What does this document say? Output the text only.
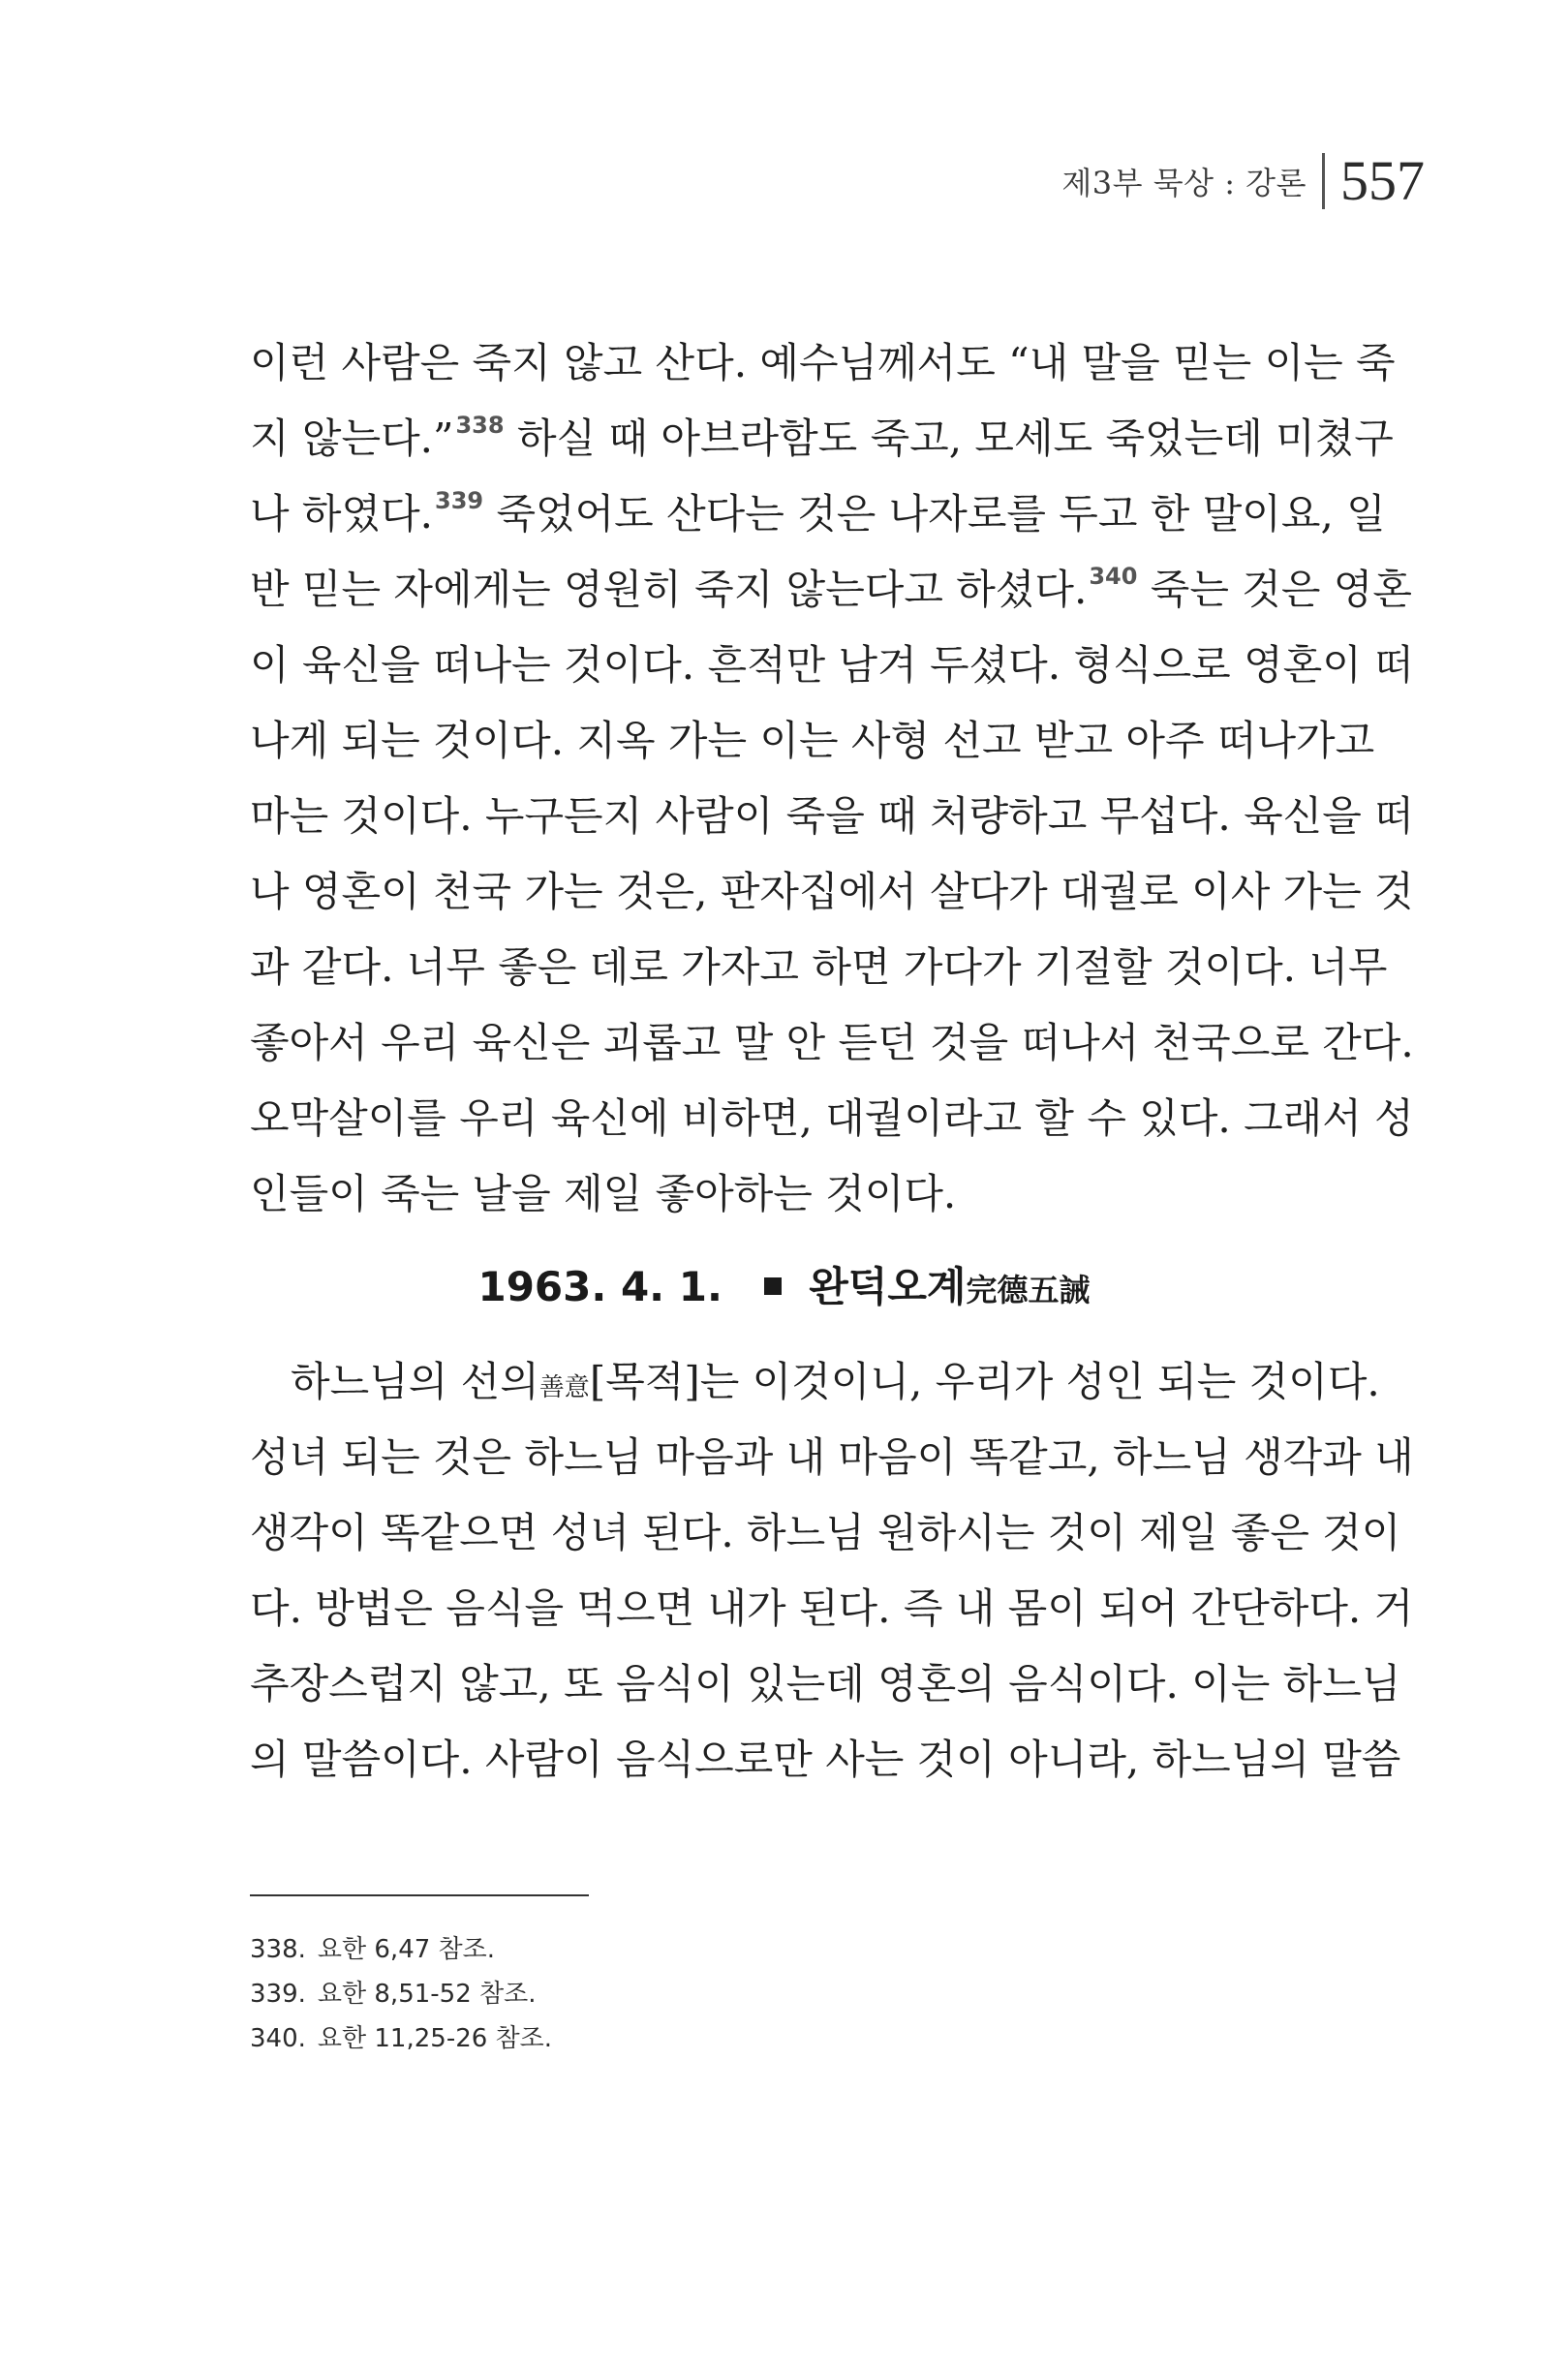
제3부 묵상 : 강론 557
이런 사람은 죽지 않고 산다. 예수님께서도 “내 말을 믿는 이는 죽
지 않는다.”$^{338}$ 하실 때 아브라함도 죽고, 모세도 죽었는데 미쳤구
나 하였다.$^{339}$ 죽었어도 산다는 것은 나자로를 두고 한 말이요, 일
반 믿는 자에게는 영원히 죽지 않는다고 하셨다.$^{340}$ 죽는 것은 영혼
이 육신을 떠나는 것이다. 흔적만 남겨 두셨다. 형식으로 영혼이 떠
나게 되는 것이다. 지옥 가는 이는 사형 선고 받고 아주 떠나가고
마는 것이다. 누구든지 사람이 죽을 때 처량하고 무섭다. 육신을 떠
나 영혼이 천국 가는 것은, 판자집에서 살다가 대궐로 이사 가는 것
과 같다. 너무 좋은 데로 가자고 하면 가다가 기절할 것이다. 너무
좋아서 우리 육신은 괴롭고 말 안 듣던 것을 떠나서 천국으로 간다.
오막살이를 우리 육신에 비하면, 대궐이라고 할 수 있다. 그래서 성
인들이 죽는 날을 제일 좋아하는 것이다.
1963. 4. 1. 완덕오계完德五誡
하느님의 선의善意[목적]는 이것이니, 우리가 성인 되는 것이다.
성녀 되는 것은 하느님 마음과 내 마음이 똑같고, 하느님 생각과 내
생각이 똑같으면 성녀 된다. 하느님 원하시는 것이 제일 좋은 것이
다. 방법은 음식을 먹으면 내가 된다. 즉 내 몸이 되어 간단하다. 거
추장스럽지 않고, 또 음식이 있는데 영혼의 음식이다. 이는 하느님
의 말씀이다. 사람이 음식으로만 사는 것이 아니라, 하느님의 말씀
338. 요한 6,47 참조.
339. 요한 8,51-52 참조.
340. 요한 11,25-26 참조.
